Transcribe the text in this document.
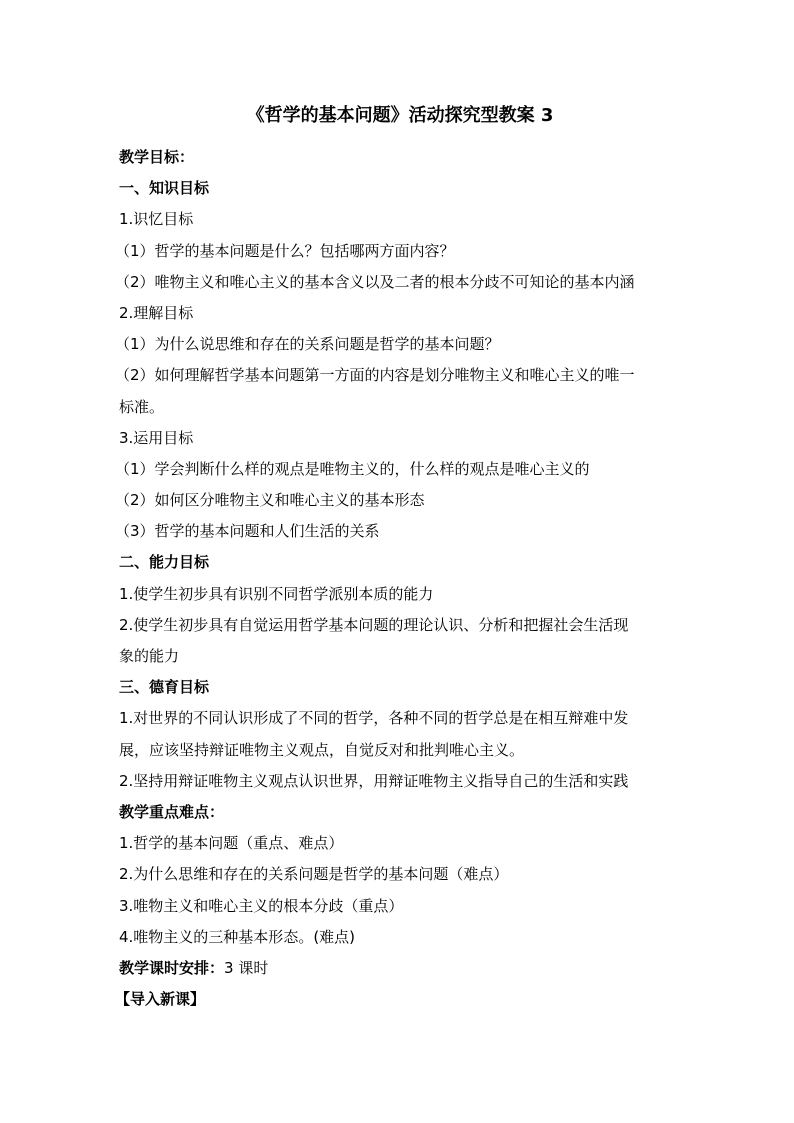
《哲学的基本问题》活动探究型教案 3
教学目标：
一、知识目标
1.识忆目标
（1）哲学的基本问题是什么？包括哪两方面内容？
（2）唯物主义和唯心主义的基本含义以及二者的根本分歧不可知论的基本内涵
2.理解目标
（1）为什么说思维和存在的关系问题是哲学的基本问题？
（2）如何理解哲学基本问题第一方面的内容是划分唯物主义和唯心主义的唯一
标准。
3.运用目标
（1）学会判断什么样的观点是唯物主义的，什么样的观点是唯心主义的
（2）如何区分唯物主义和唯心主义的基本形态
（3）哲学的基本问题和人们生活的关系
二、能力目标
1.使学生初步具有识别不同哲学派别本质的能力
2.使学生初步具有自觉运用哲学基本问题的理论认识、分析和把握社会生活现
象的能力
三、德育目标
1.对世界的不同认识形成了不同的哲学，各种不同的哲学总是在相互辩难中发
展，应该坚持辩证唯物主义观点，自觉反对和批判唯心主义。
2.坚持用辩证唯物主义观点认识世界，用辩证唯物主义指导自己的生活和实践
教学重点难点：
1.哲学的基本问题（重点、难点）
2.为什么思维和存在的关系问题是哲学的基本问题（难点）
3.唯物主义和唯心主义的根本分歧（重点）
4.唯物主义的三种基本形态。(难点)
教学课时安排：3 课时
【导入新课】
